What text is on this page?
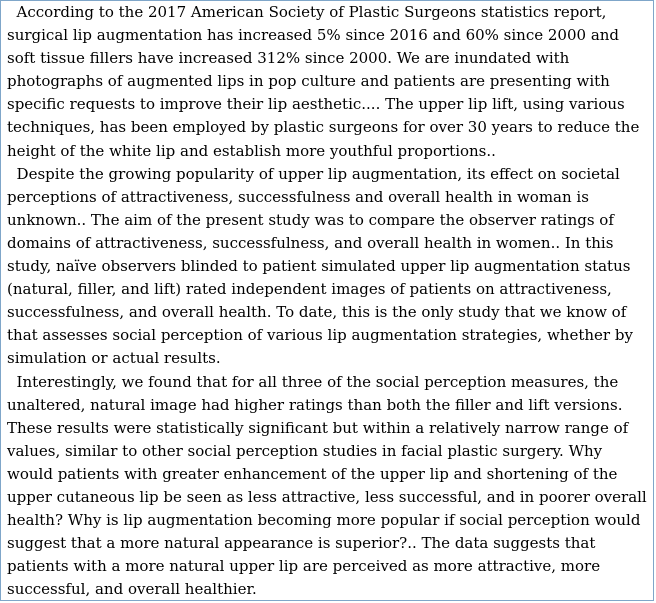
According to the 2017 American Society of Plastic Surgeons statistics report,
surgical lip augmentation has increased 5% since 2016 and 60% since 2000 and
soft tissue fillers have increased 312% since 2000. We are inundated with
photographs of augmented lips in pop culture and patients are presenting with
specific requests to improve their lip aesthetic.... The upper lip lift, using various
techniques, has been employed by plastic surgeons for over 30 years to reduce the
height of the white lip and establish more youthful proportions..
Despite the growing popularity of upper lip augmentation, its effect on societal
perceptions of attractiveness, successfulness and overall health in woman is
unknown.. The aim of the present study was to compare the observer ratings of
domains of attractiveness, successfulness, and overall health in women.. In this
study, naïve observers blinded to patient simulated upper lip augmentation status
(natural, filler, and lift) rated independent images of patients on attractiveness,
successfulness, and overall health. To date, this is the only study that we know of
that assesses social perception of various lip augmentation strategies, whether by
simulation or actual results.
Interestingly, we found that for all three of the social perception measures, the
unaltered, natural image had higher ratings than both the filler and lift versions.
These results were statistically significant but within a relatively narrow range of
values, similar to other social perception studies in facial plastic surgery. Why
would patients with greater enhancement of the upper lip and shortening of the
upper cutaneous lip be seen as less attractive, less successful, and in poorer overall
health? Why is lip augmentation becoming more popular if social perception would
suggest that a more natural appearance is superior?.. The data suggests that
patients with a more natural upper lip are perceived as more attractive, more
successful, and overall healthier.
